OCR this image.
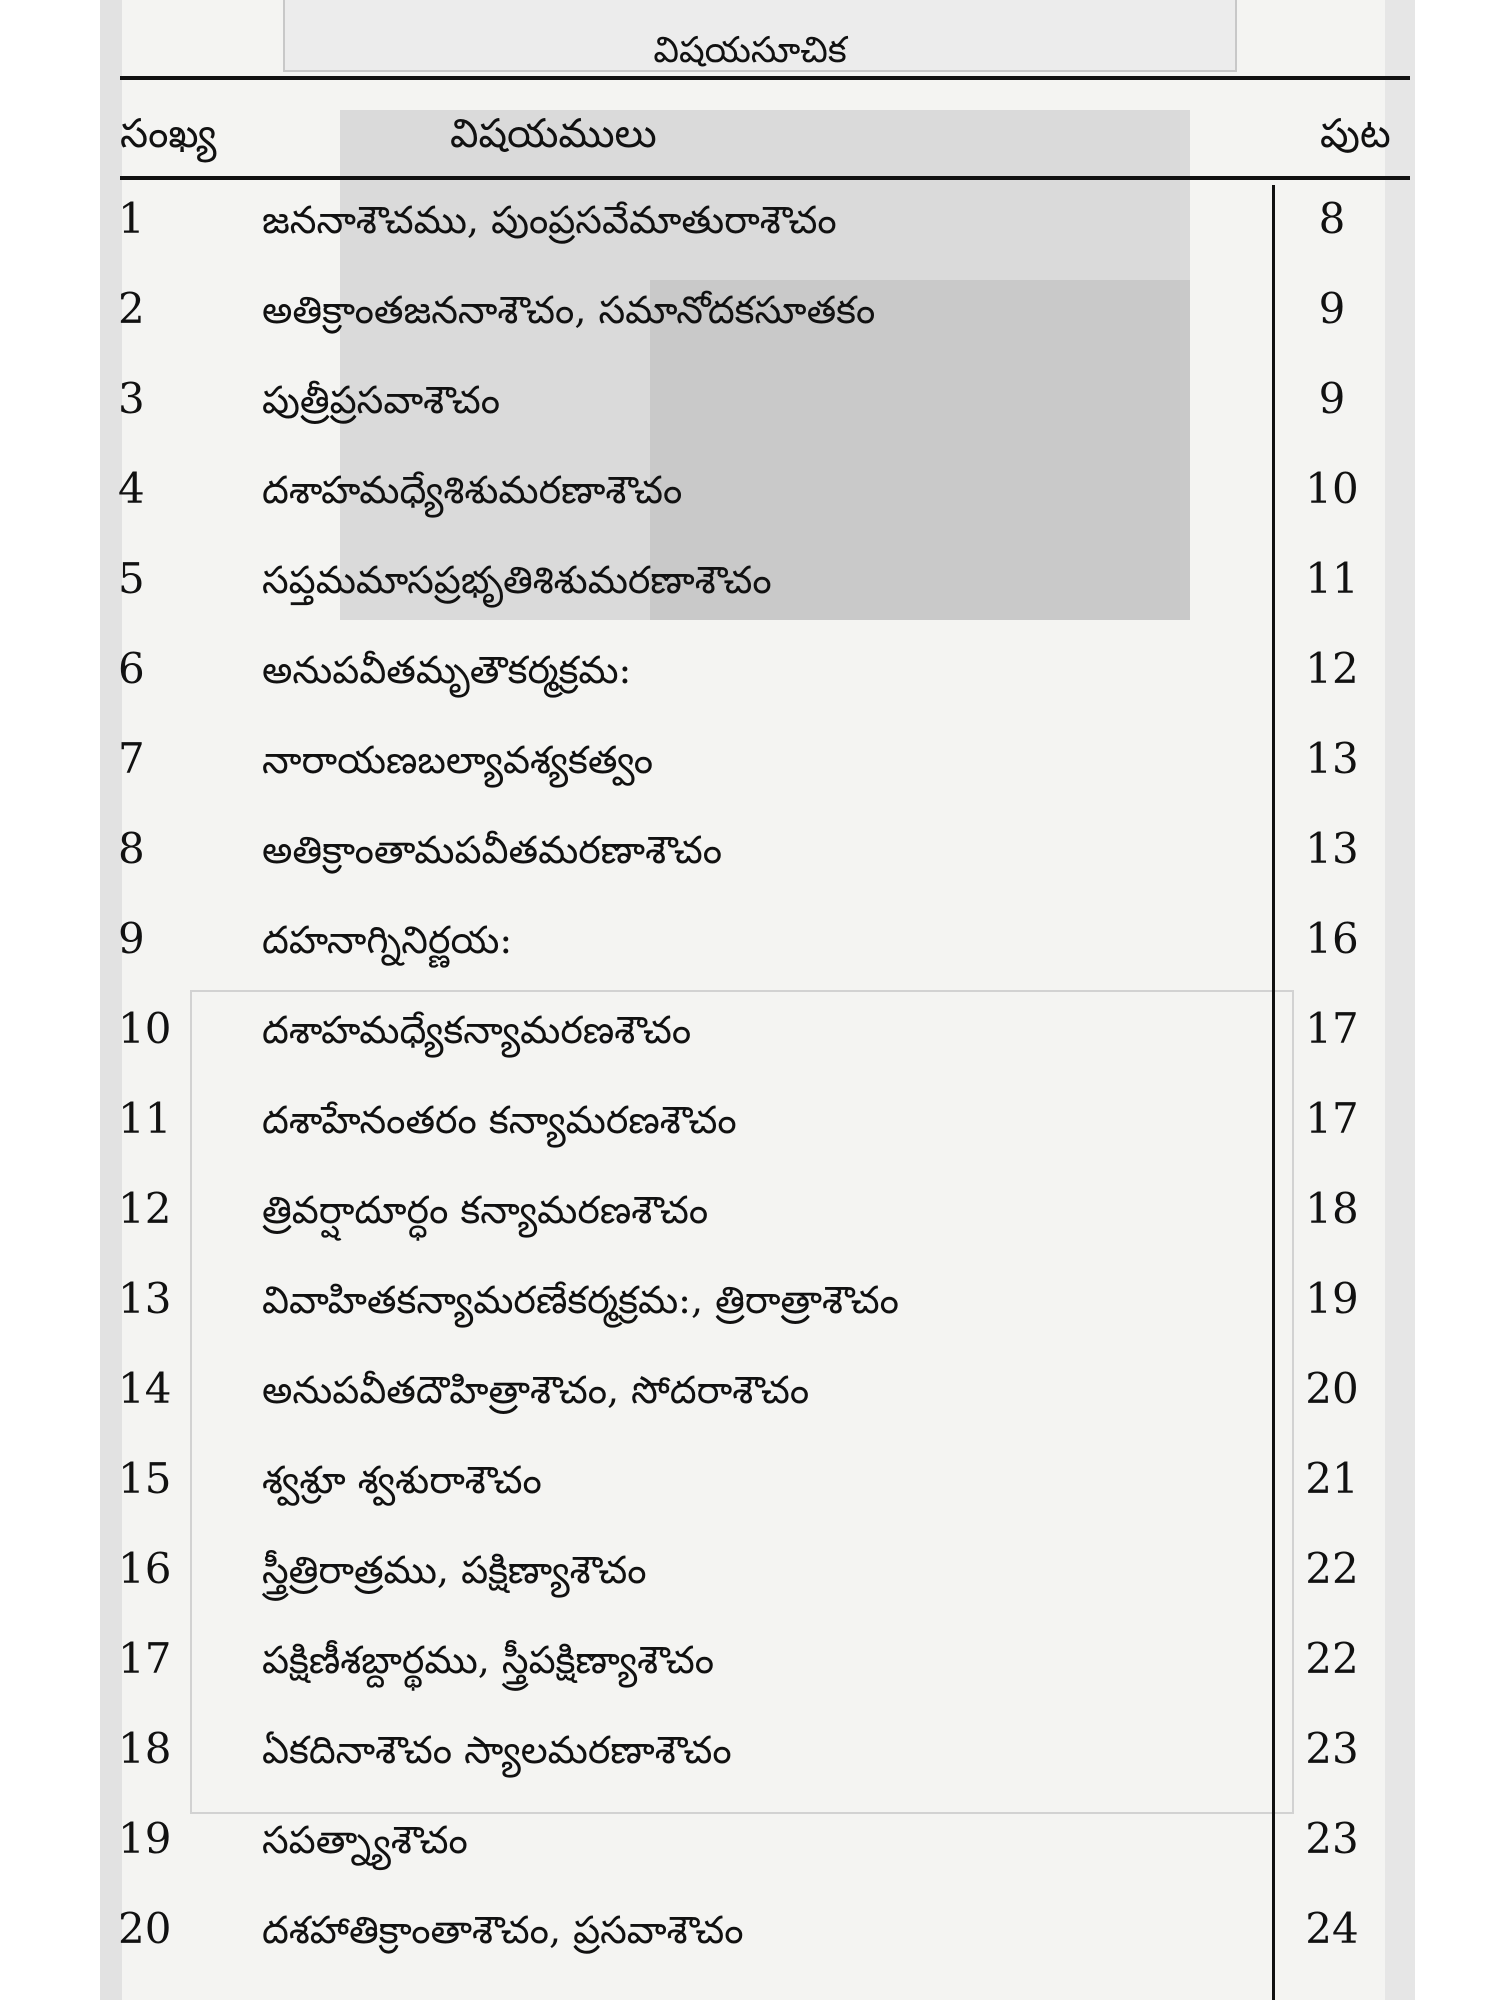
విషయసూచిక
సంఖ్య	విషయములు	పుట
1	జననాశౌచము, పుంప్రసవేమాతురాశౌచం	8
2	అతిక్రాంతజననాశౌచం, సమానోదకసూతకం	9
3	పుత్రీప్రసవాశౌచం	9
4	దశాహమధ్యేశిశుమరణాశౌచం	10
5	సప్తమమాసప్రభృతిశిశుమరణాశౌచం	11
6	అనుపవీతమృతౌకర్మక్రమ:	12
7	నారాయణబల్యావశ్యకత్వం	13
8	అతిక్రాంతామపవీతమరణాశౌచం	13
9	దహనాగ్నినిర్ణయ:	16
10 దశాహమధ్యేకన్యామరణశౌచం	17
11 దశాహేనంతరం కన్యామరణశౌచం	17
12 త్రివర్షాదూర్ధం కన్యామరణశౌచం	18
13 వివాహితకన్యామరణేకర్మక్రమ:, త్రిరాత్రాశౌచం	19
14 అనుపవీతదౌహిత్రాశౌచం, సోదరాశౌచం	20
15 శ్వశ్రూ శ్వశురాశౌచం	21
16 స్త్రీత్రిరాత్రము, పక్షిణ్యాశౌచం	22
17 పక్షిణీశబ్దార్థము, స్త్రీపక్షిణ్యాశౌచం	22
18 ఏకదినాశౌచం స్యాలమరణాశౌచం	23
19 సపత్న్యాశౌచం	23
20 దశహాతిక్రాంతాశౌచం, ప్రసవాశౌచం	24
